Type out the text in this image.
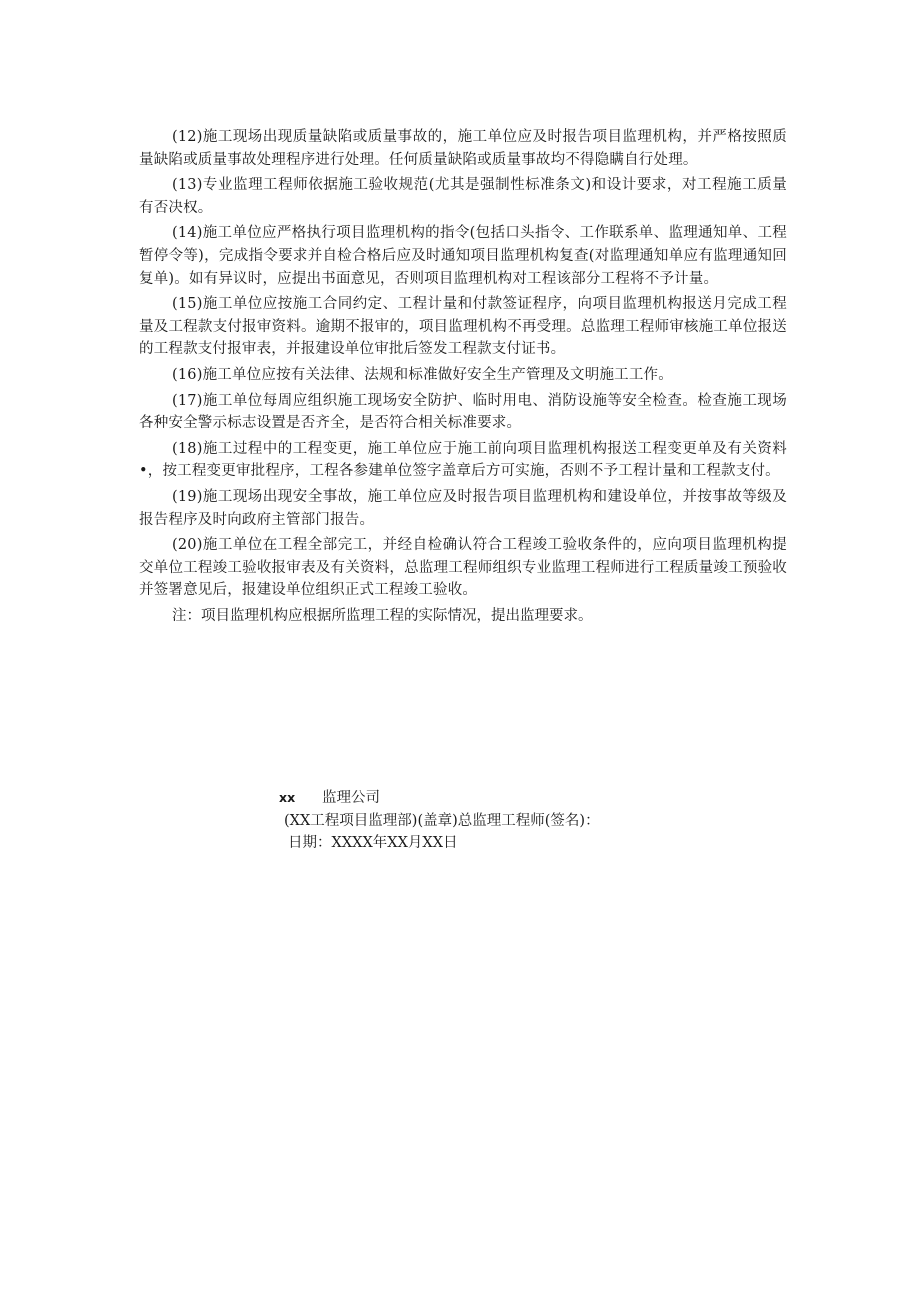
(12)施工现场出现质量缺陷或质量事故的，施工单位应及时报告项目监理机构，并严格按照质量缺陷或质量事故处理程序进行处理。任何质量缺陷或质量事故均不得隐瞒自行处理。

(13)专业监理工程师依据施工验收规范(尤其是强制性标准条文)和设计要求，对工程施工质量有否决权。

(14)施工单位应严格执行项目监理机构的指令(包括口头指令、工作联系单、监理通知单、工程暂停令等)，完成指令要求并自检合格后应及时通知项目监理机构复查(对监理通知单应有监理通知回复单)。如有异议时，应提出书面意见，否则项目监理机构对工程该部分工程将不予计量。

(15)施工单位应按施工合同约定、工程计量和付款签证程序，向项目监理机构报送月完成工程量及工程款支付报审资料。逾期不报审的，项目监理机构不再受理。总监理工程师审核施工单位报送的工程款支付报审表，并报建设单位审批后签发工程款支付证书。

(16)施工单位应按有关法律、法规和标准做好安全生产管理及文明施工工作。

(17)施工单位每周应组织施工现场安全防护、临时用电、消防设施等安全检查。检查施工现场各种安全警示标志设置是否齐全，是否符合相关标准要求。

(18)施工过程中的工程变更，施工单位应于施工前向项目监理机构报送工程变更单及有关资料•，按工程变更审批程序，工程各参建单位签字盖章后方可实施，否则不予工程计量和工程款支付。

(19)施工现场出现安全事故，施工单位应及时报告项目监理机构和建设单位，并按事故等级及报告程序及时向政府主管部门报告。

(20)施工单位在工程全部完工，并经自检确认符合工程竣工验收条件的，应向项目监理机构提交单位工程竣工验收报审表及有关资料，总监理工程师组织专业监理工程师进行工程质量竣工预验收并签署意见后，报建设单位组织正式工程竣工验收。

注：项目监理机构应根据所监理工程的实际情况，提出监理要求。

xx	监理公司
(XX工程项目监理部)(盖章)总监理工程师(签名)：
日期：XXXX年XX月XX日
